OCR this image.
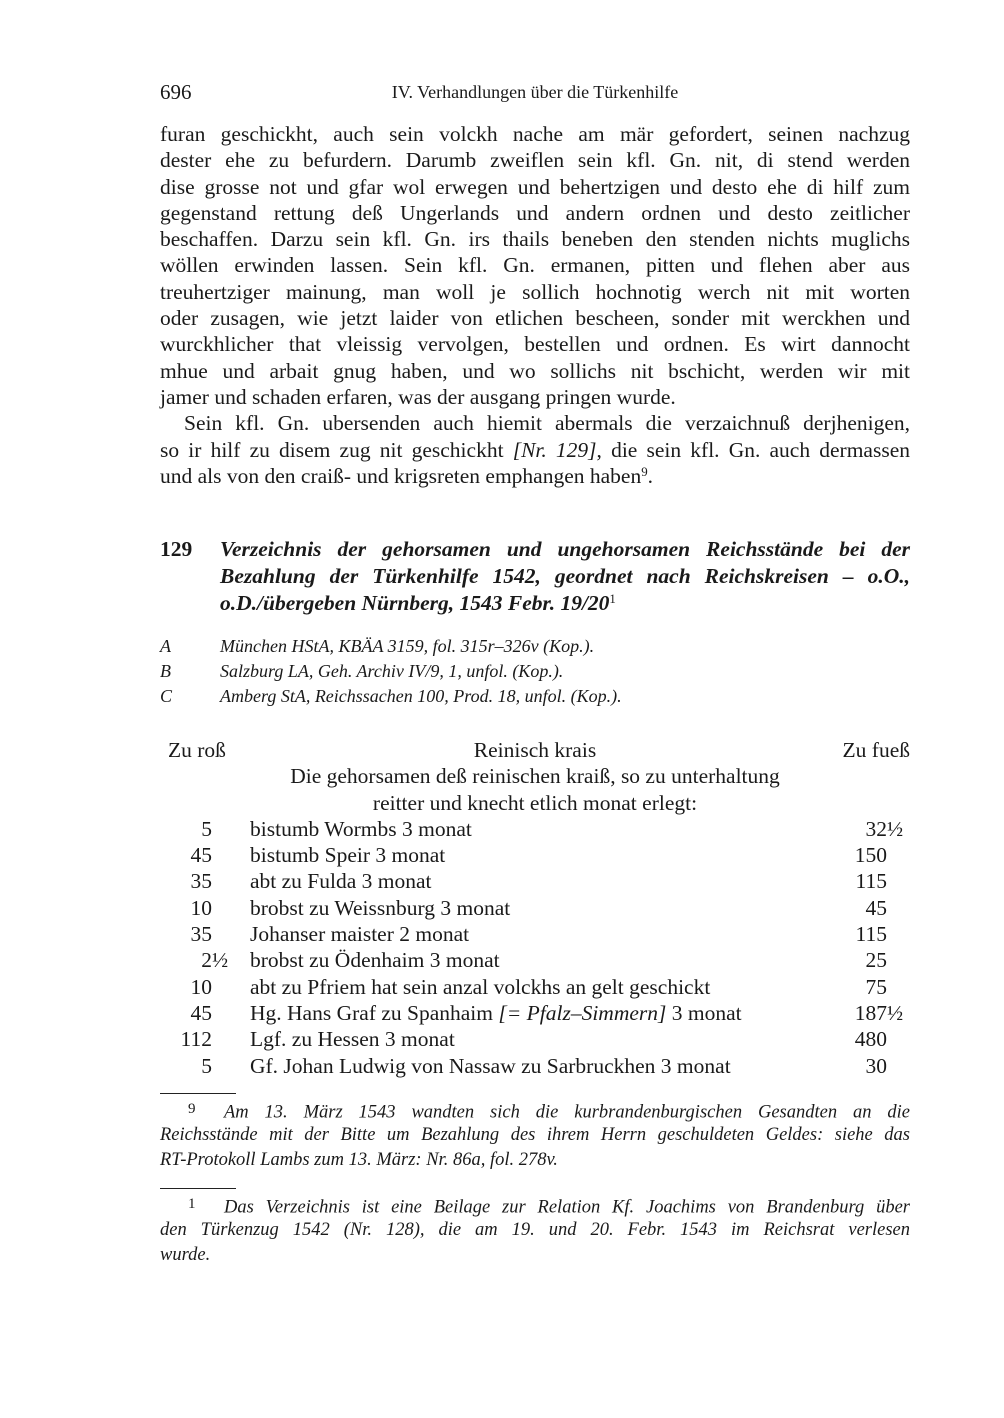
696	IV. Verhandlungen über die Türkenhilfe
furan geschickht, auch sein volckh nache am mär gefordert, seinen nachzug
dester ehe zu befurdern. Darumb zweiflen sein kfl. Gn. nit, di stend werden
dise grosse not und gfar wol erwegen und behertzigen und desto ehe di hilf zum
gegenstand rettung deß Ungerlands und andern ordnen und desto zeitlicher
beschaffen. Darzu sein kfl. Gn. irs thails beneben den stenden nichts muglichs
wöllen erwinden lassen. Sein kfl. Gn. ermanen, pitten und flehen aber aus
treuhertziger mainung, man woll je sollich hochnotig werch nit mit worten
oder zusagen, wie jetzt laider von etlichen bescheen, sonder mit werckhen und
wurckhlicher that vleissig vervolgen, bestellen und ordnen. Es wirt dannocht
mhue und arbait gnug haben, und wo sollichs nit bschicht, werden wir mit
jamer und schaden erfaren, was der ausgang pringen wurde.
Sein kfl. Gn. ubersenden auch hiemit abermals die verzaichnuß derjhenigen,
so ir hilf zu disem zug nit geschickht [Nr. 129], die sein kfl. Gn. auch dermassen
und als von den craiß- und krigsreten emphangen haben$^9$.
129 Verzeichnis der gehorsamen und ungehorsamen Reichsstände bei der
Bezahlung der Türkenhilfe 1542, geordnet nach Reichskreisen – o.O.,
o.D./übergeben Nürnberg, 1543 Febr. $19/20^1$
A	München HStA, KBÄA 3159, fol. 315r–326v (Kop.).
B	Salzburg LA, Geh. Archiv IV/9, 1, unfol. (Kop.).
C	Amberg StA, Reichssachen 100, Prod. 18, unfol. (Kop.).
Zu roß	Reinisch krais	Zu fueß
Die gehorsamen deß reinischen kraiß, so zu unterhaltung
reitter und knecht etlich monat erlegt:
5 bistumb Wormbs 3 monat	32 ½
45 bistumb Speir 3 monat	150
35 abt zu Fulda 3 monat	115
10 brobst zu Weissnburg 3 monat	45
35 Johanser maister 2 monat	115
2 ½ brobst zu Ödenhaim 3 monat	25
10 abt zu Pfriem hat sein anzal volckhs an gelt geschickt	75
45 Hg. Hans Graf zu Spanhaim [= Pfalz–Simmern] 3 monat	187 ½
112 Lgf. zu Hessen 3 monat	480
5 Gf. Johan Ludwig von Nassaw zu Sarbruckhen 3 monat	30
9 Am 13. März 1543 wandten sich die kurbrandenburgischen Gesandten an die
Reichsstände mit der Bitte um Bezahlung des ihrem Herrn geschuldeten Geldes: siehe das
RT-Protokoll Lambs zum 13. März: Nr. 86a, fol. 278v.
1 Das Verzeichnis ist eine Beilage zur Relation Kf. Joachims von Brandenburg über
den Türkenzug 1542 (Nr. 128), die am 19. und 20. Febr. 1543 im Reichsrat verlesen
wurde.
